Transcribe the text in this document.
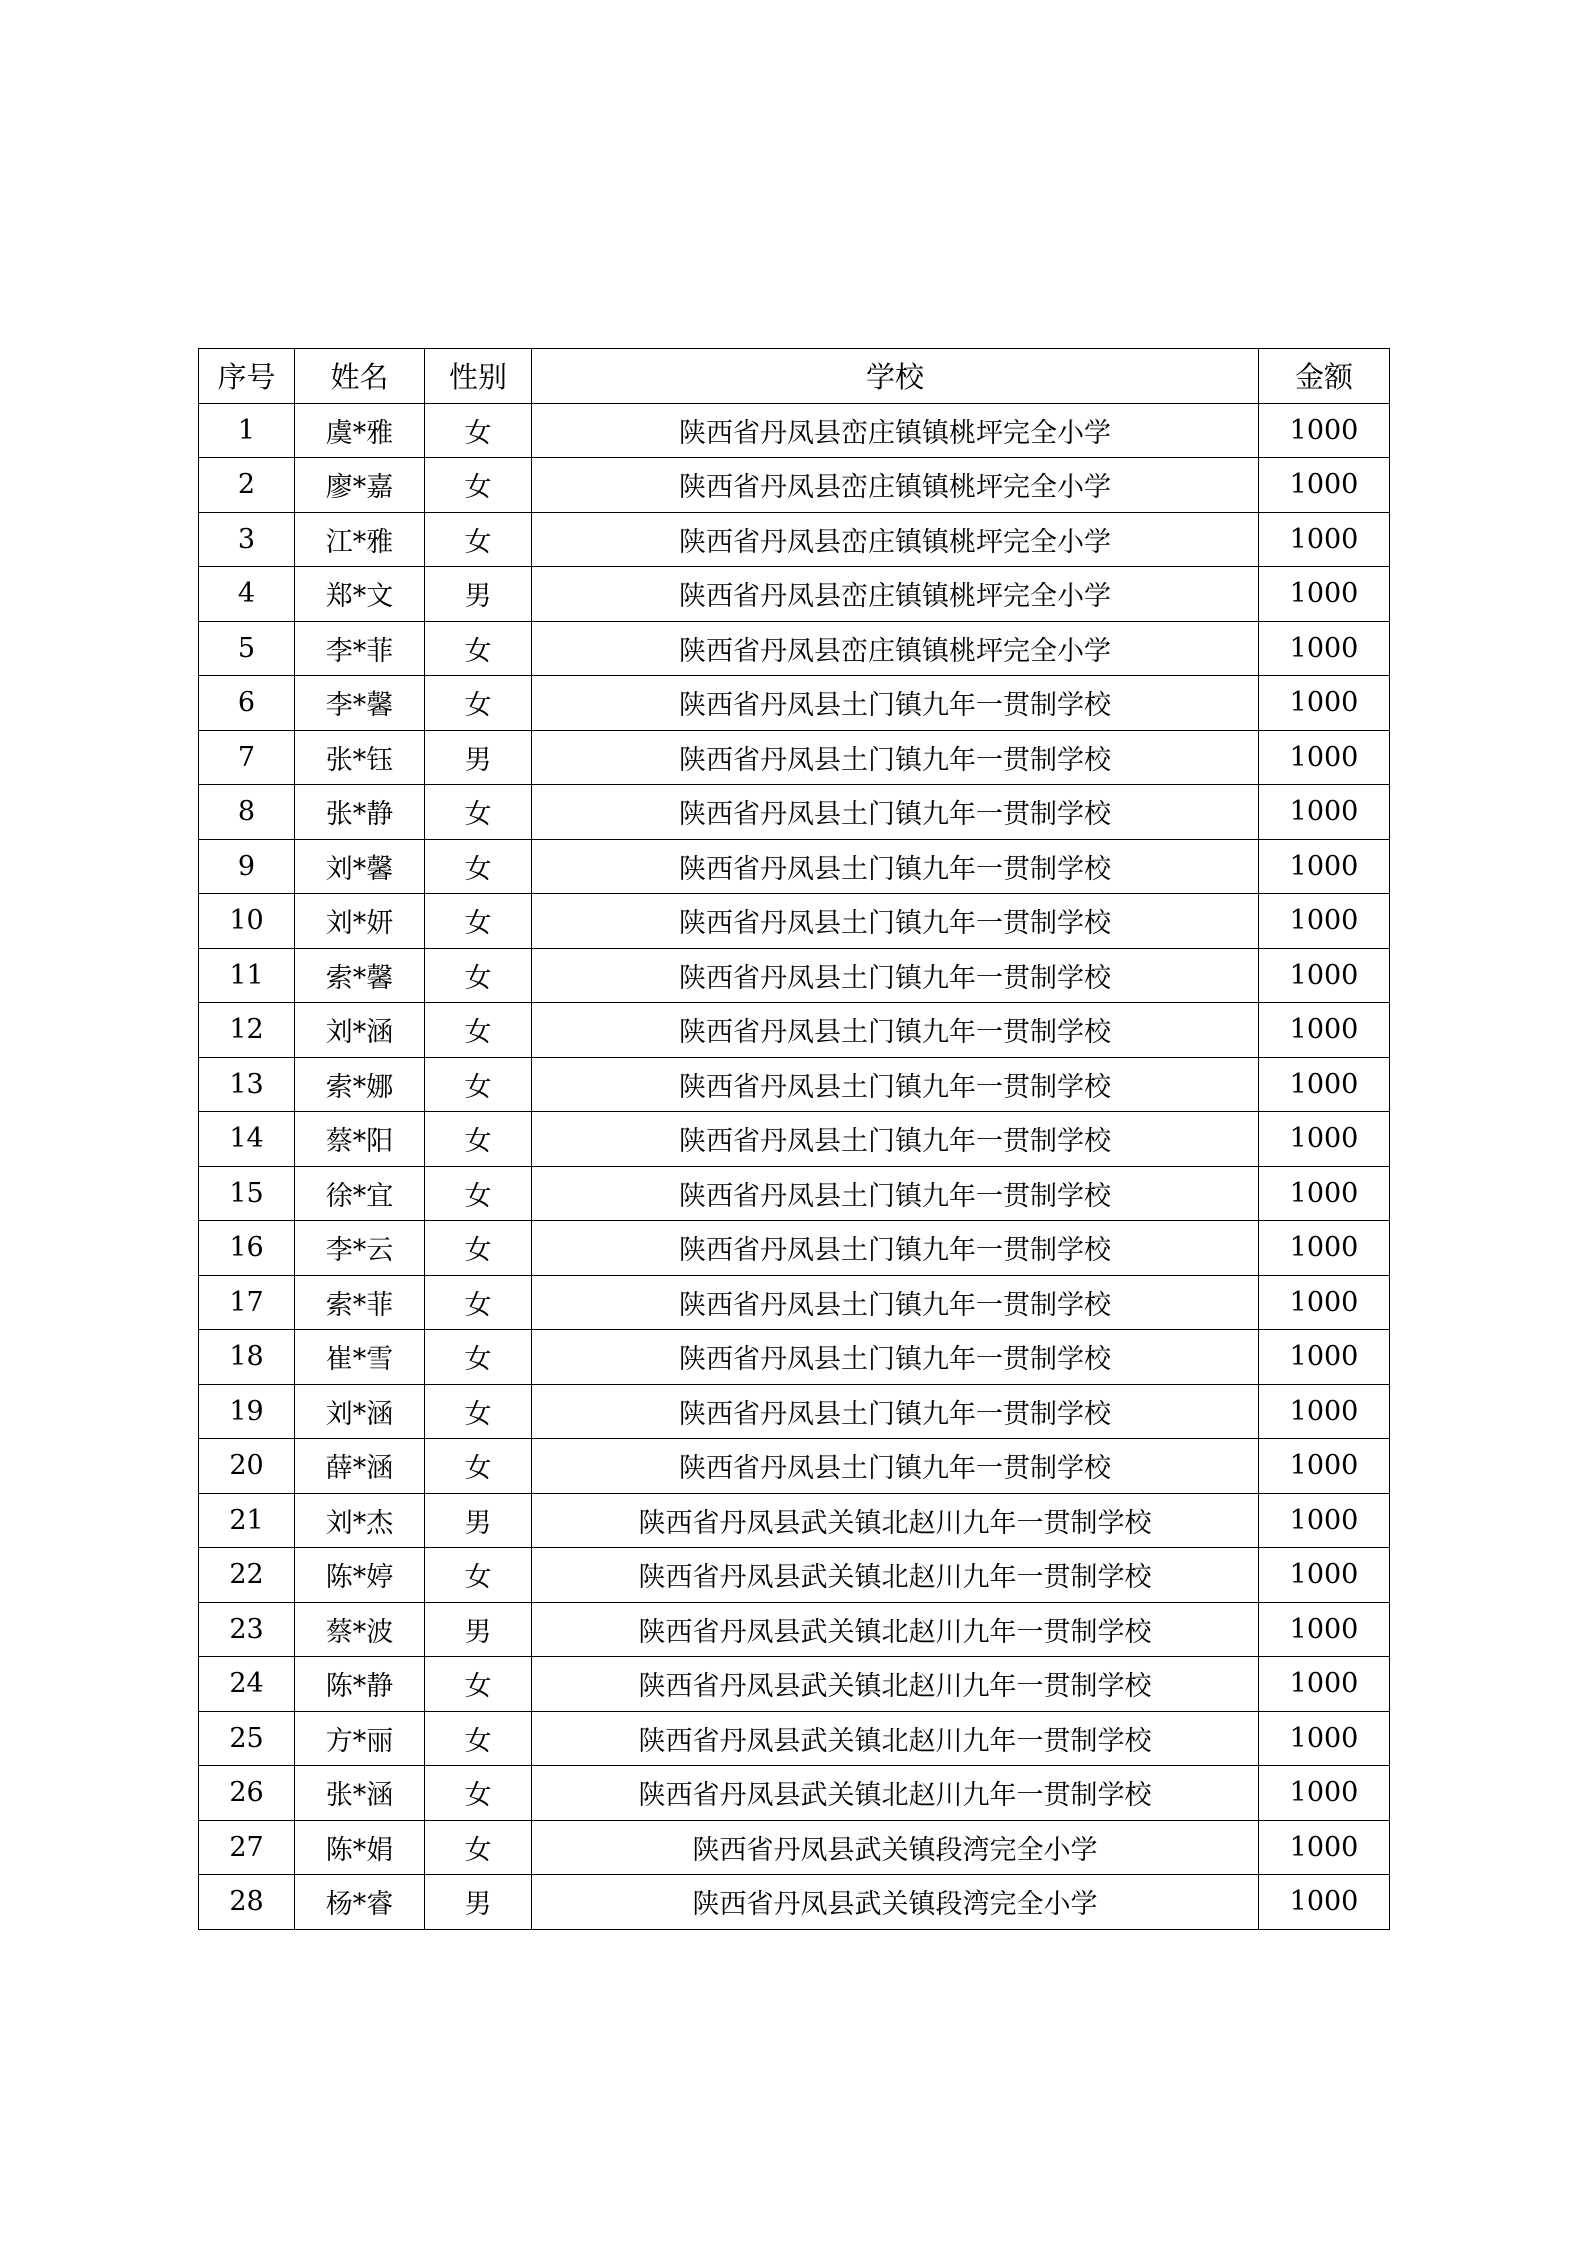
序号	姓名	性别	学校	金额
1	虞*雅	女	陕西省丹凤县峦庄镇镇桃坪完全小学	1000
2	廖*嘉	女	陕西省丹凤县峦庄镇镇桃坪完全小学	1000
3	江*雅	女	陕西省丹凤县峦庄镇镇桃坪完全小学	1000
4	郑*文	男	陕西省丹凤县峦庄镇镇桃坪完全小学	1000
5	李*菲	女	陕西省丹凤县峦庄镇镇桃坪完全小学	1000
6	李*馨	女	陕西省丹凤县土门镇九年一贯制学校	1000
7	张*钰	男	陕西省丹凤县土门镇九年一贯制学校	1000
8	张*静	女	陕西省丹凤县土门镇九年一贯制学校	1000
9	刘*馨	女	陕西省丹凤县土门镇九年一贯制学校	1000
10	刘*妍	女	陕西省丹凤县土门镇九年一贯制学校	1000
11	索*馨	女	陕西省丹凤县土门镇九年一贯制学校	1000
12	刘*涵	女	陕西省丹凤县土门镇九年一贯制学校	1000
13	索*娜	女	陕西省丹凤县土门镇九年一贯制学校	1000
14	蔡*阳	女	陕西省丹凤县土门镇九年一贯制学校	1000
15	徐*宜	女	陕西省丹凤县土门镇九年一贯制学校	1000
16	李*云	女	陕西省丹凤县土门镇九年一贯制学校	1000
17	索*菲	女	陕西省丹凤县土门镇九年一贯制学校	1000
18	崔*雪	女	陕西省丹凤县土门镇九年一贯制学校	1000
19	刘*涵	女	陕西省丹凤县土门镇九年一贯制学校	1000
20	薛*涵	女	陕西省丹凤县土门镇九年一贯制学校	1000
21	刘*杰	男	陕西省丹凤县武关镇北赵川九年一贯制学校	1000
22	陈*婷	女	陕西省丹凤县武关镇北赵川九年一贯制学校	1000
23	蔡*波	男	陕西省丹凤县武关镇北赵川九年一贯制学校	1000
24	陈*静	女	陕西省丹凤县武关镇北赵川九年一贯制学校	1000
25	方*丽	女	陕西省丹凤县武关镇北赵川九年一贯制学校	1000
26	张*涵	女	陕西省丹凤县武关镇北赵川九年一贯制学校	1000
27	陈*娟	女	陕西省丹凤县武关镇段湾完全小学	1000
28	杨*睿	男	陕西省丹凤县武关镇段湾完全小学	1000
